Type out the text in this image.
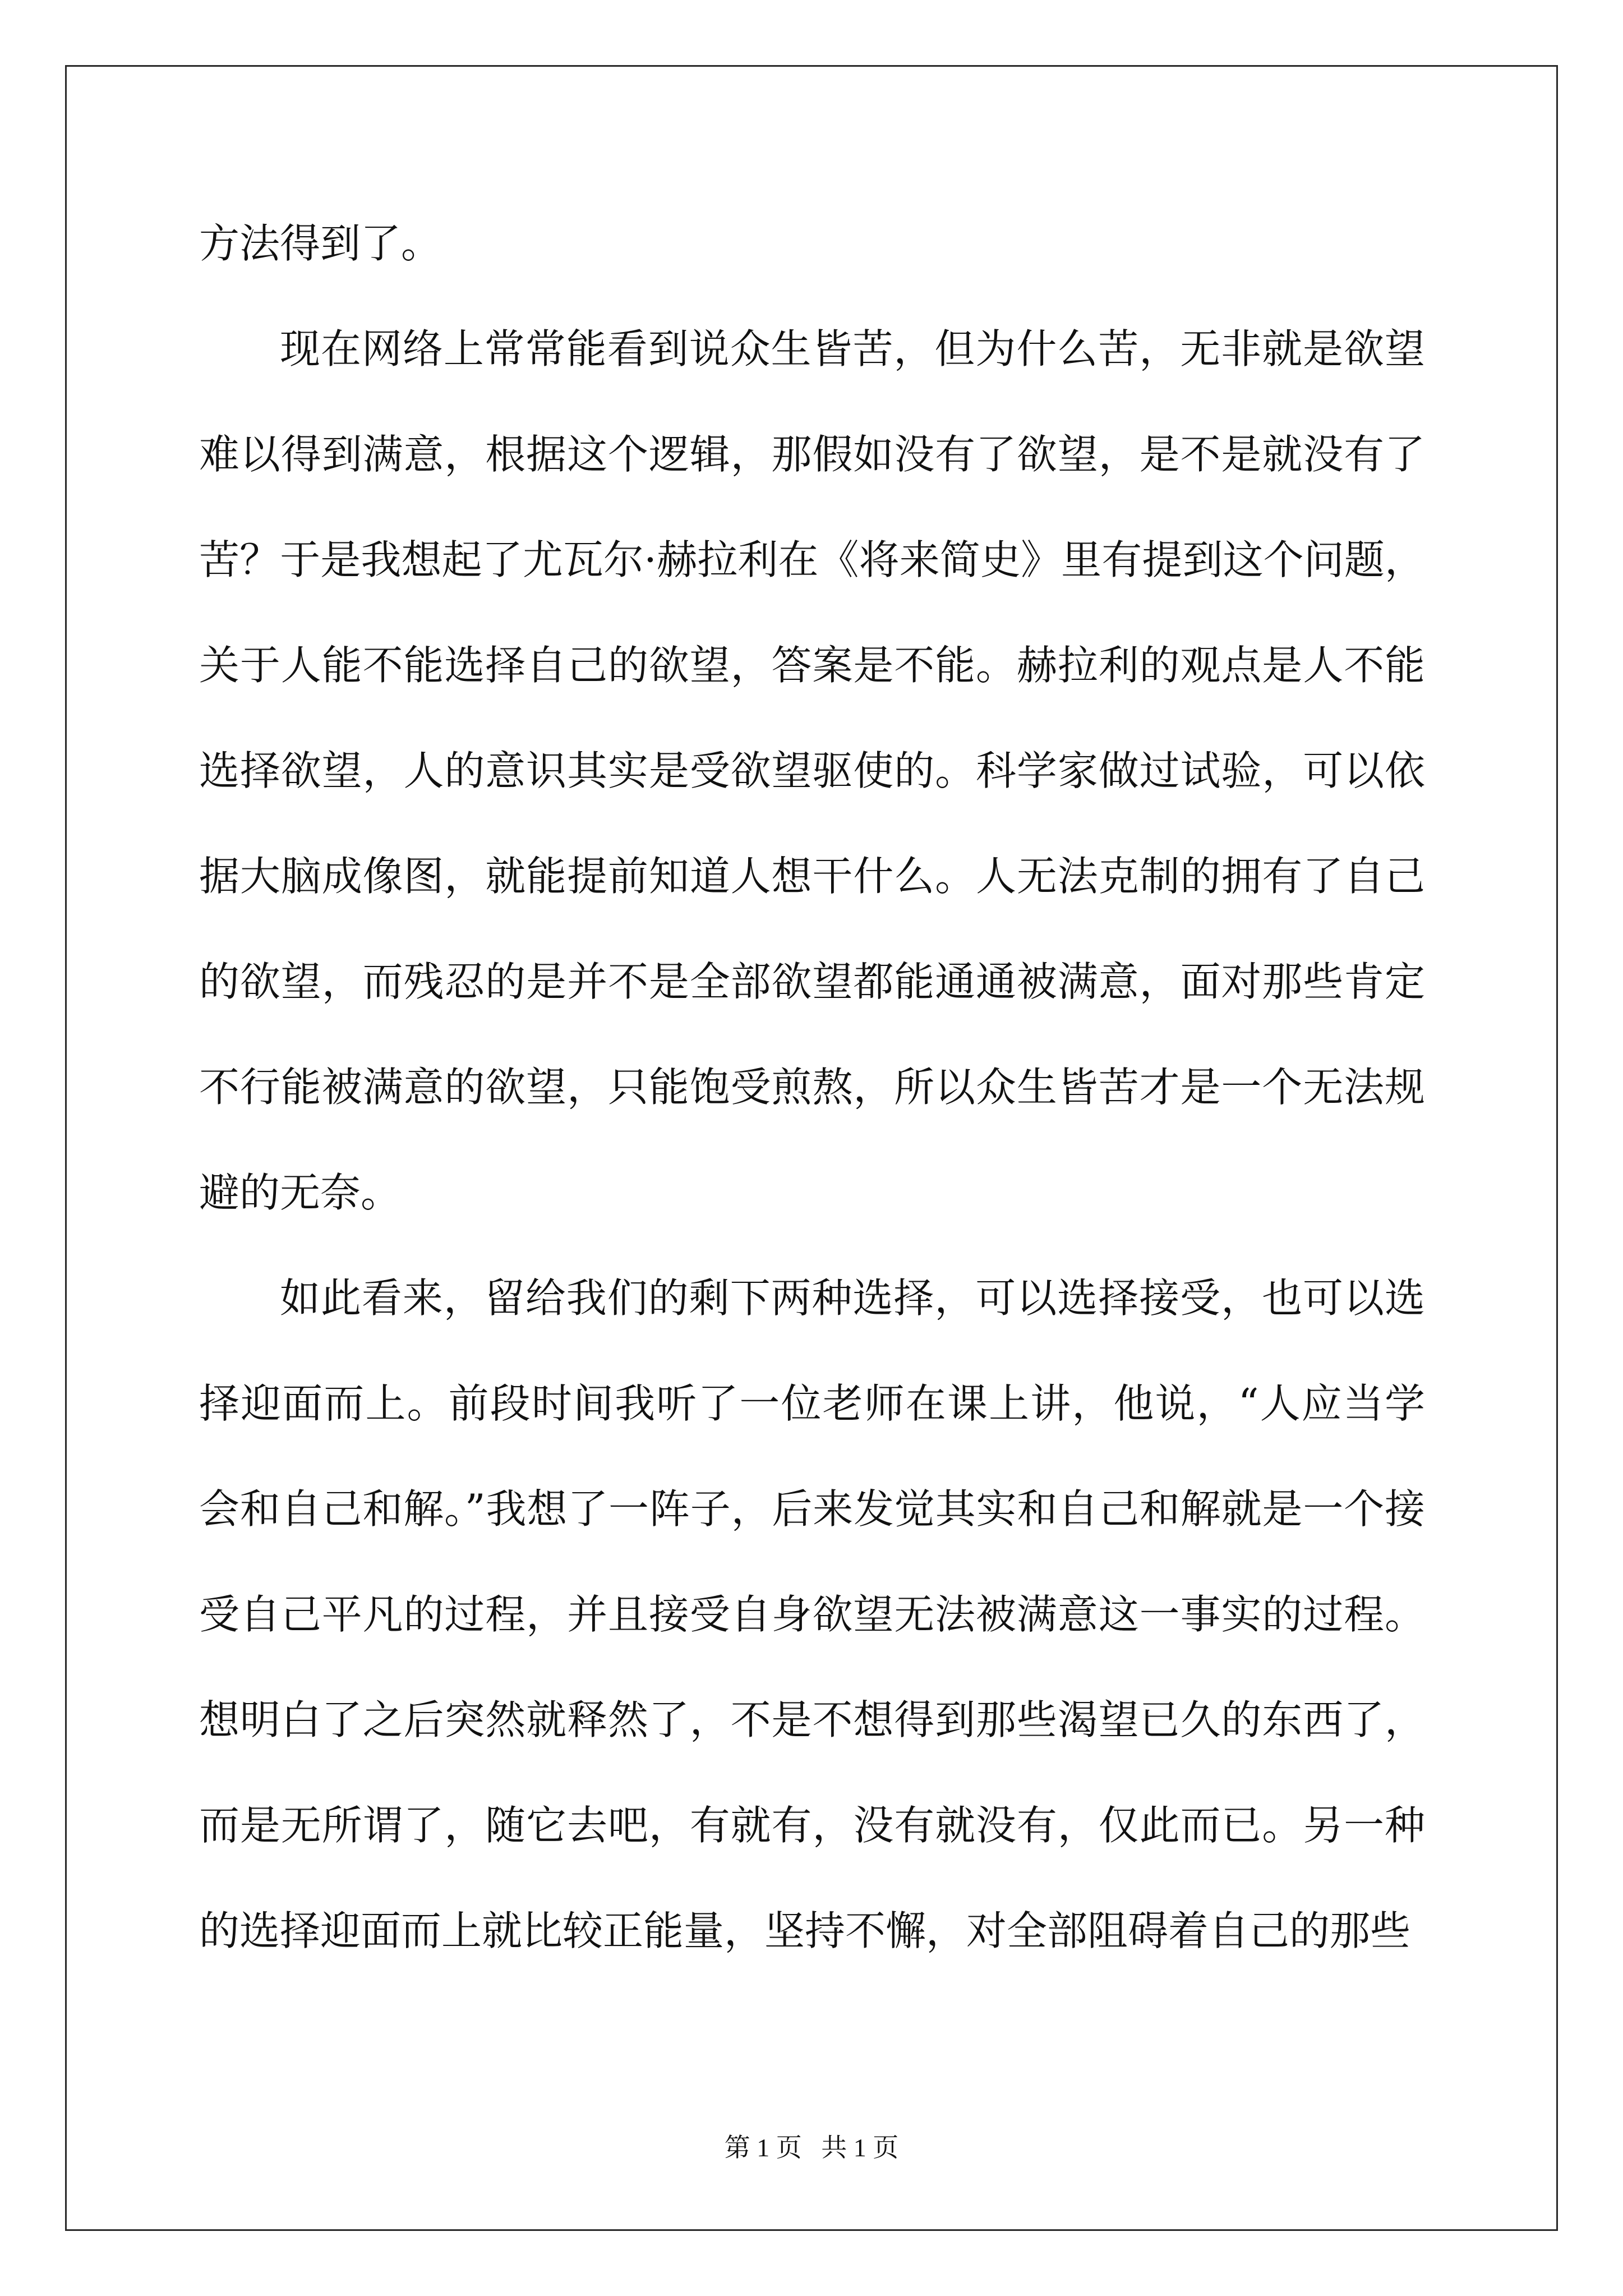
方法得到了。

现在网络上常常能看到说众生皆苦，但为什么苦，无非就是欲望难以得到满意，根据这个逻辑，那假如没有了欲望，是不是就没有了苦？于是我想起了尤瓦尔·赫拉利在《将来简史》里有提到这个问题，关于人能不能选择自己的欲望，答案是不能。赫拉利的观点是人不能选择欲望，人的意识其实是受欲望驱使的。科学家做过试验，可以依据大脑成像图，就能提前知道人想干什么。人无法克制的拥有了自己的欲望，而残忍的是并不是全部欲望都能通通被满意，面对那些肯定不行能被满意的欲望，只能饱受煎熬，所以众生皆苦才是一个无法规避的无奈。

如此看来，留给我们的剩下两种选择，可以选择接受，也可以选择迎面而上。前段时间我听了一位老师在课上讲，他说，“人应当学会和自己和解。”我想了一阵子，后来发觉其实和自己和解就是一个接受自己平凡的过程，并且接受自身欲望无法被满意这一事实的过程。想明白了之后突然就释然了，不是不想得到那些渴望已久的东西了，而是无所谓了，随它去吧，有就有，没有就没有，仅此而已。另一种的选择迎面而上就比较正能量，坚持不懈，对全部阻碍着自己的那些

第 1 页   共 1 页
